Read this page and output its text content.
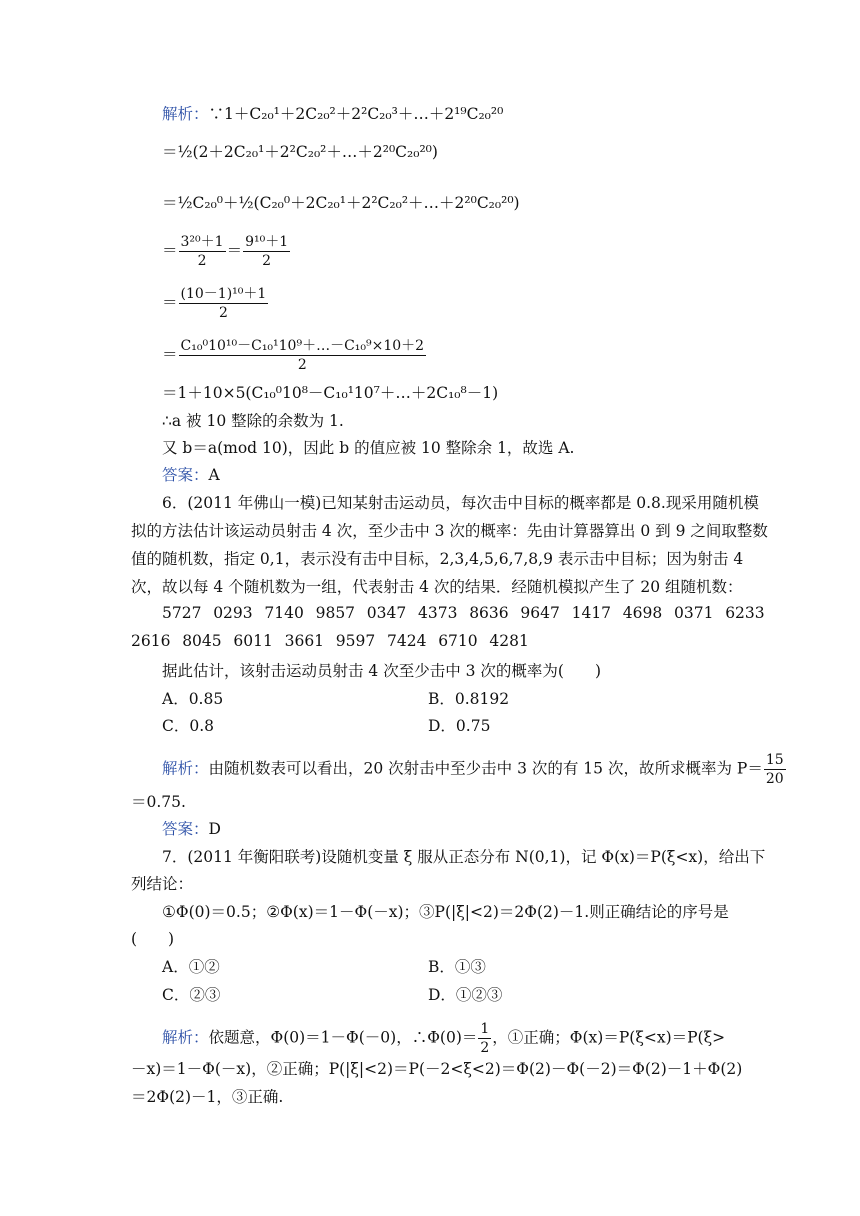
解析：∵1＋C₂₀¹＋2C₂₀²＋2²C₂₀³＋…＋2¹⁹C₂₀²⁰
＝½(2＋2C₂₀¹＋2²C₂₀²＋…＋2²⁰C₂₀²⁰)
＝½C₂₀⁰＋½(C₂₀⁰＋2C₂₀¹＋2²C₂₀²＋…＋2²⁰C₂₀²⁰)
＝ $\frac{\text{3²⁰＋1}}{2} = \frac{\text{9¹⁰＋1}}{2}$
＝ $\frac{\text{(10－1)¹⁰＋1}}{2}$
＝ $\frac{\text{C₁₀⁰10¹⁰－C₁₀¹10⁹＋…－C₁₀⁹×10＋2}}{2}$
＝1＋10×5(C₁₀⁰10⁸－C₁₀¹10⁷＋…＋2C₁₀⁸－1)
∴a 被 10 整除的余数为 1.
又 b＝a(mod 10)，因此 b 的值应被 10 整除余 1，故选 A.
答案：A
6．(2011 年佛山一模)已知某射击运动员，每次击中目标的概率都是 0.8.现采用随机模
拟的方法估计该运动员射击 4 次，至少击中 3 次的概率：先由计算器算出 0 到 9 之间取整数
值的随机数，指定 0,1，表示没有击中目标，2,3,4,5,6,7,8,9 表示击中目标；因为射击 4
次，故以每 4 个随机数为一组，代表射击 4 次的结果．经随机模拟产生了 20 组随机数：
5727 0293 7140 9857 0347 4373 8636 9647 1417 4698 0371 6233
2616 8045 6011 3661 9597 7424 6710 4281
据此估计，该射击运动员射击 4 次至少击中 3 次的概率为(　　)
A．0.85	B．0.8192
C．0.8	D．0.75
解析：由随机数表可以看出，20 次射击中至少击中 3 次的有 15 次，故所求概率为 $P= \frac{15}{20}$
＝0.75.
答案：D
7．(2011 年衡阳联考)设随机变量 ξ 服从正态分布 N(0,1)，记 Φ(x)＝P(ξ<x)，给出下
列结论：
①Φ(0)＝0.5；②Φ(x)＝1－Φ(－x)；③P(|ξ|<2)＝2Φ(2)－1.则正确结论的序号是
(　　)
A．①②	B．①③
C．②③	D．①②③
解析：依题意，Φ(0)＝1－Φ(－0)，∴Φ(0)＝ $\frac{1}{2}$ ，①正确；Φ(x)＝P(ξ<x)＝P(ξ>
－x)＝1－Φ(－x)，②正确；P(|ξ|<2)＝P(－2<ξ<2)＝Φ(2)－Φ(－2)＝Φ(2)－1＋Φ(2)
＝2Φ(2)－1，③正确.
